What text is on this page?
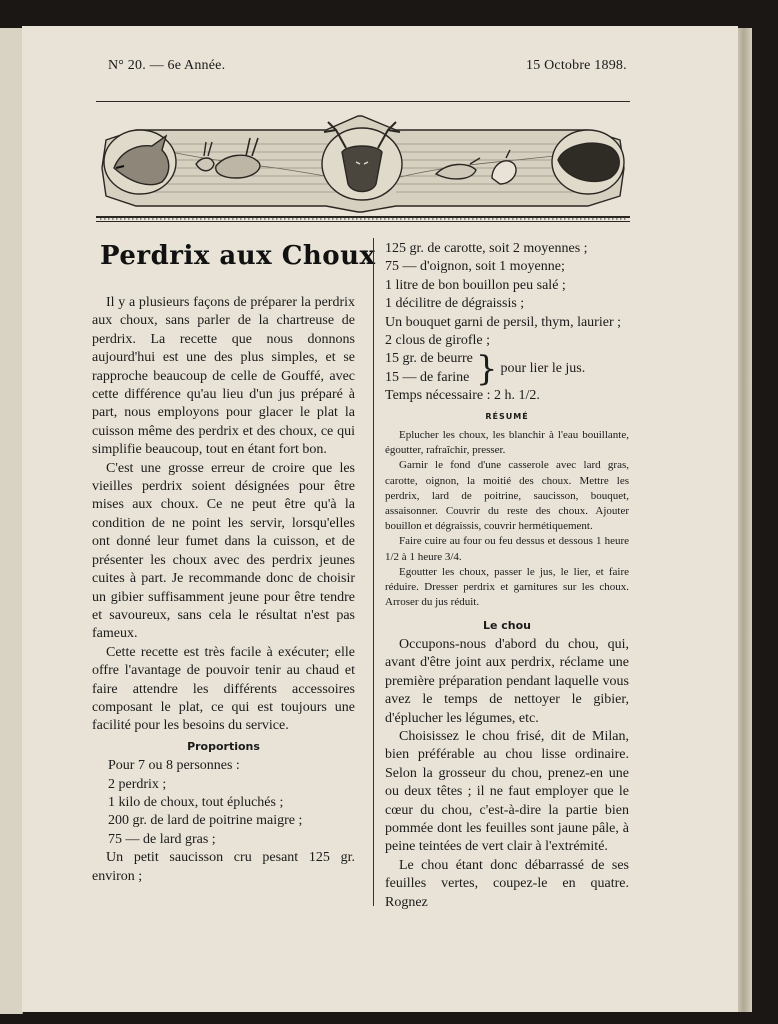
N° 20. — 6e Année.	15 Octobre 1898.
Perdrix aux Choux

Il y a plusieurs façons de préparer la perdrix aux choux, sans parler de la chartreuse de perdrix. La recette que nous donnons aujourd'hui est une des plus simples, et se rapproche beaucoup de celle de Gouffé, avec cette différence qu'au lieu d'un jus préparé à part, nous employons pour glacer le plat la cuisson même des perdrix et des choux, ce qui simplifie beaucoup, tout en étant fort bon.

C'est une grosse erreur de croire que les vieilles perdrix soient désignées pour être mises aux choux. Ce ne peut être qu'à la condition de ne point les servir, lorsqu'elles ont donné leur fumet dans la cuisson, et de présenter les choux avec des perdrix jeunes cuites à part. Je recommande donc de choisir un gibier suffisamment jeune pour être tendre et savoureux, sans cela le résultat n'est pas fameux.

Cette recette est très facile à exécuter; elle offre l'avantage de pouvoir tenir au chaud et faire attendre les différents accessoires composant le plat, ce qui est toujours une facilité pour les besoins du service.

Proportions
Pour 7 ou 8 personnes :
2 perdrix ;
1 kilo de choux, tout épluchés ;
200 gr. de lard de poitrine maigre ;
75 — de lard gras ;

Un petit saucisson cru pesant 125 gr. environ ;

125 gr. de carotte, soit 2 moyennes ;
75 — d'oignon, soit 1 moyenne;
1 litre de bon bouillon peu salé ;
1 décilitre de dégraissis ;

Un bouquet garni de persil, thym, laurier ;

2 clous de girofle ;
15 gr. de beurre
15 — de farine } pour lier le jus.
Temps nécessaire : 2 h. 1/2.
RÉSUMÉ

Eplucher les choux, les blanchir à l'eau bouillante, égoutter, rafraîchir, presser.

Garnir le fond d'une casserole avec lard gras, carotte, oignon, la moitié des choux. Mettre les perdrix, lard de poitrine, saucisson, bouquet, assaisonner. Couvrir du reste des choux. Ajouter bouillon et dégraissis, couvrir hermétiquement.

Faire cuire au four ou feu dessus et dessous 1 heure 1/2 à 1 heure 3/4.

Egoutter les choux, passer le jus, le lier, et faire réduire. Dresser perdrix et garnitures sur les choux. Arroser du jus réduit.

Le chou

Occupons-nous d'abord du chou, qui, avant d'être joint aux perdrix, réclame une première préparation pendant laquelle vous avez le temps de nettoyer le gibier, d'éplucher les légumes, etc.

Choisissez le chou frisé, dit de Milan, bien préférable au chou lisse ordinaire. Selon la grosseur du chou, prenez-en une ou deux têtes ; il ne faut employer que le cœur du chou, c'est-à-dire la partie bien pommée dont les feuilles sont jaune pâle, à peine teintées de vert clair à l'extrémité.

Le chou étant donc débarrassé de ses feuilles vertes, coupez-le en quatre. Rognez
